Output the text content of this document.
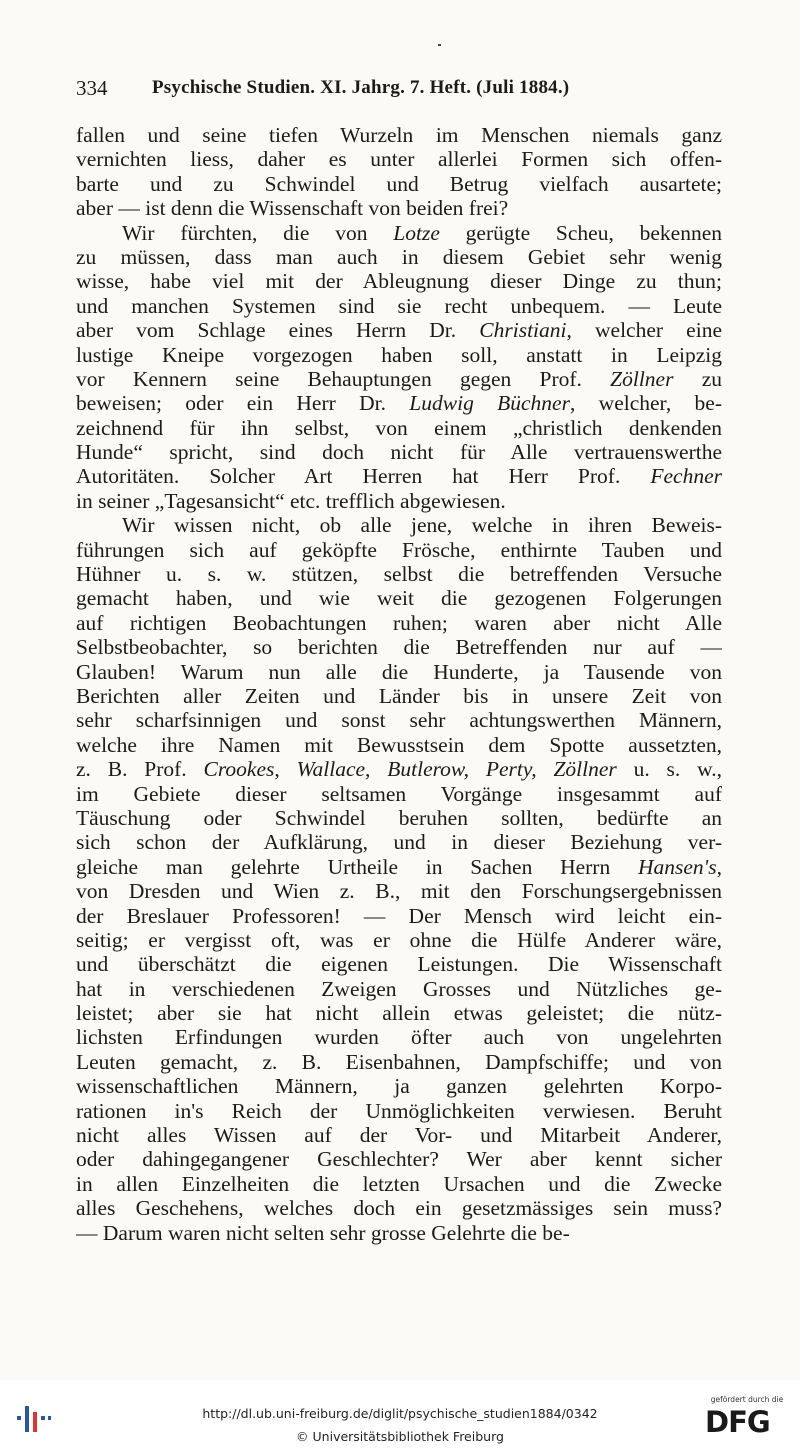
334 Psychische Studien. XI. Jahrg. 7. Heft. (Juli 1884.)
fallen und seine tiefen Wurzeln im Menschen niemals ganz
vernichten liess, daher es unter allerlei Formen sich offen-
barte und zu Schwindel und Betrug vielfach ausartete;
aber — ist denn die Wissenschaft von beiden frei?
Wir fürchten, die von Lotze gerügte Scheu, bekennen
zu müssen, dass man auch in diesem Gebiet sehr wenig
wisse, habe viel mit der Ableugnung dieser Dinge zu thun;
und manchen Systemen sind sie recht unbequem. — Leute
aber vom Schlage eines Herrn Dr. Christiani, welcher eine
lustige Kneipe vorgezogen haben soll, anstatt in Leipzig
vor Kennern seine Behauptungen gegen Prof. Zöllner zu
beweisen; oder ein Herr Dr. Ludwig Büchner, welcher, be-
zeichnend für ihn selbst, von einem „christlich denkenden
Hunde“ spricht, sind doch nicht für Alle vertrauenswerthe
Autoritäten. Solcher Art Herren hat Herr Prof. Fechner
in seiner „Tagesansicht“ etc. trefflich abgewiesen.
Wir wissen nicht, ob alle jene, welche in ihren Beweis-
führungen sich auf geköpfte Frösche, enthirnte Tauben und
Hühner u. s. w. stützen, selbst die betreffenden Versuche
gemacht haben, und wie weit die gezogenen Folgerungen
auf richtigen Beobachtungen ruhen; waren aber nicht Alle
Selbstbeobachter, so berichten die Betreffenden nur auf —
Glauben! Warum nun alle die Hunderte, ja Tausende von
Berichten aller Zeiten und Länder bis in unsere Zeit von
sehr scharfsinnigen und sonst sehr achtungswerthen Männern,
welche ihre Namen mit Bewusstsein dem Spotte aussetzten,
z. B. Prof. Crookes, Wallace, Butlerow, Perty, Zöllner u. s. w.,
im Gebiete dieser seltsamen Vorgänge insgesammt auf
Täuschung oder Schwindel beruhen sollten, bedürfte an
sich schon der Aufklärung, und in dieser Beziehung ver-
gleiche man gelehrte Urtheile in Sachen Herrn Hansen's,
von Dresden und Wien z. B., mit den Forschungsergebnissen
der Breslauer Professoren! — Der Mensch wird leicht ein-
seitig; er vergisst oft, was er ohne die Hülfe Anderer wäre,
und überschätzt die eigenen Leistungen. Die Wissenschaft
hat in verschiedenen Zweigen Grosses und Nützliches ge-
leistet; aber sie hat nicht allein etwas geleistet; die nütz-
lichsten Erfindungen wurden öfter auch von ungelehrten
Leuten gemacht, z. B. Eisenbahnen, Dampfschiffe; und von
wissenschaftlichen Männern, ja ganzen gelehrten Korpo-
rationen in's Reich der Unmöglichkeiten verwiesen. Beruht
nicht alles Wissen auf der Vor- und Mitarbeit Anderer,
oder dahingegangener Geschlechter? Wer aber kennt sicher
in allen Einzelheiten die letzten Ursachen und die Zwecke
alles Geschehens, welches doch ein gesetzmässiges sein muss?
— Darum waren nicht selten sehr grosse Gelehrte die be-
http://dl.ub.uni-freiburg.de/diglit/psychische_studien1884/0342
© Universitätsbibliothek Freiburg
gefördert durch die
DFG
